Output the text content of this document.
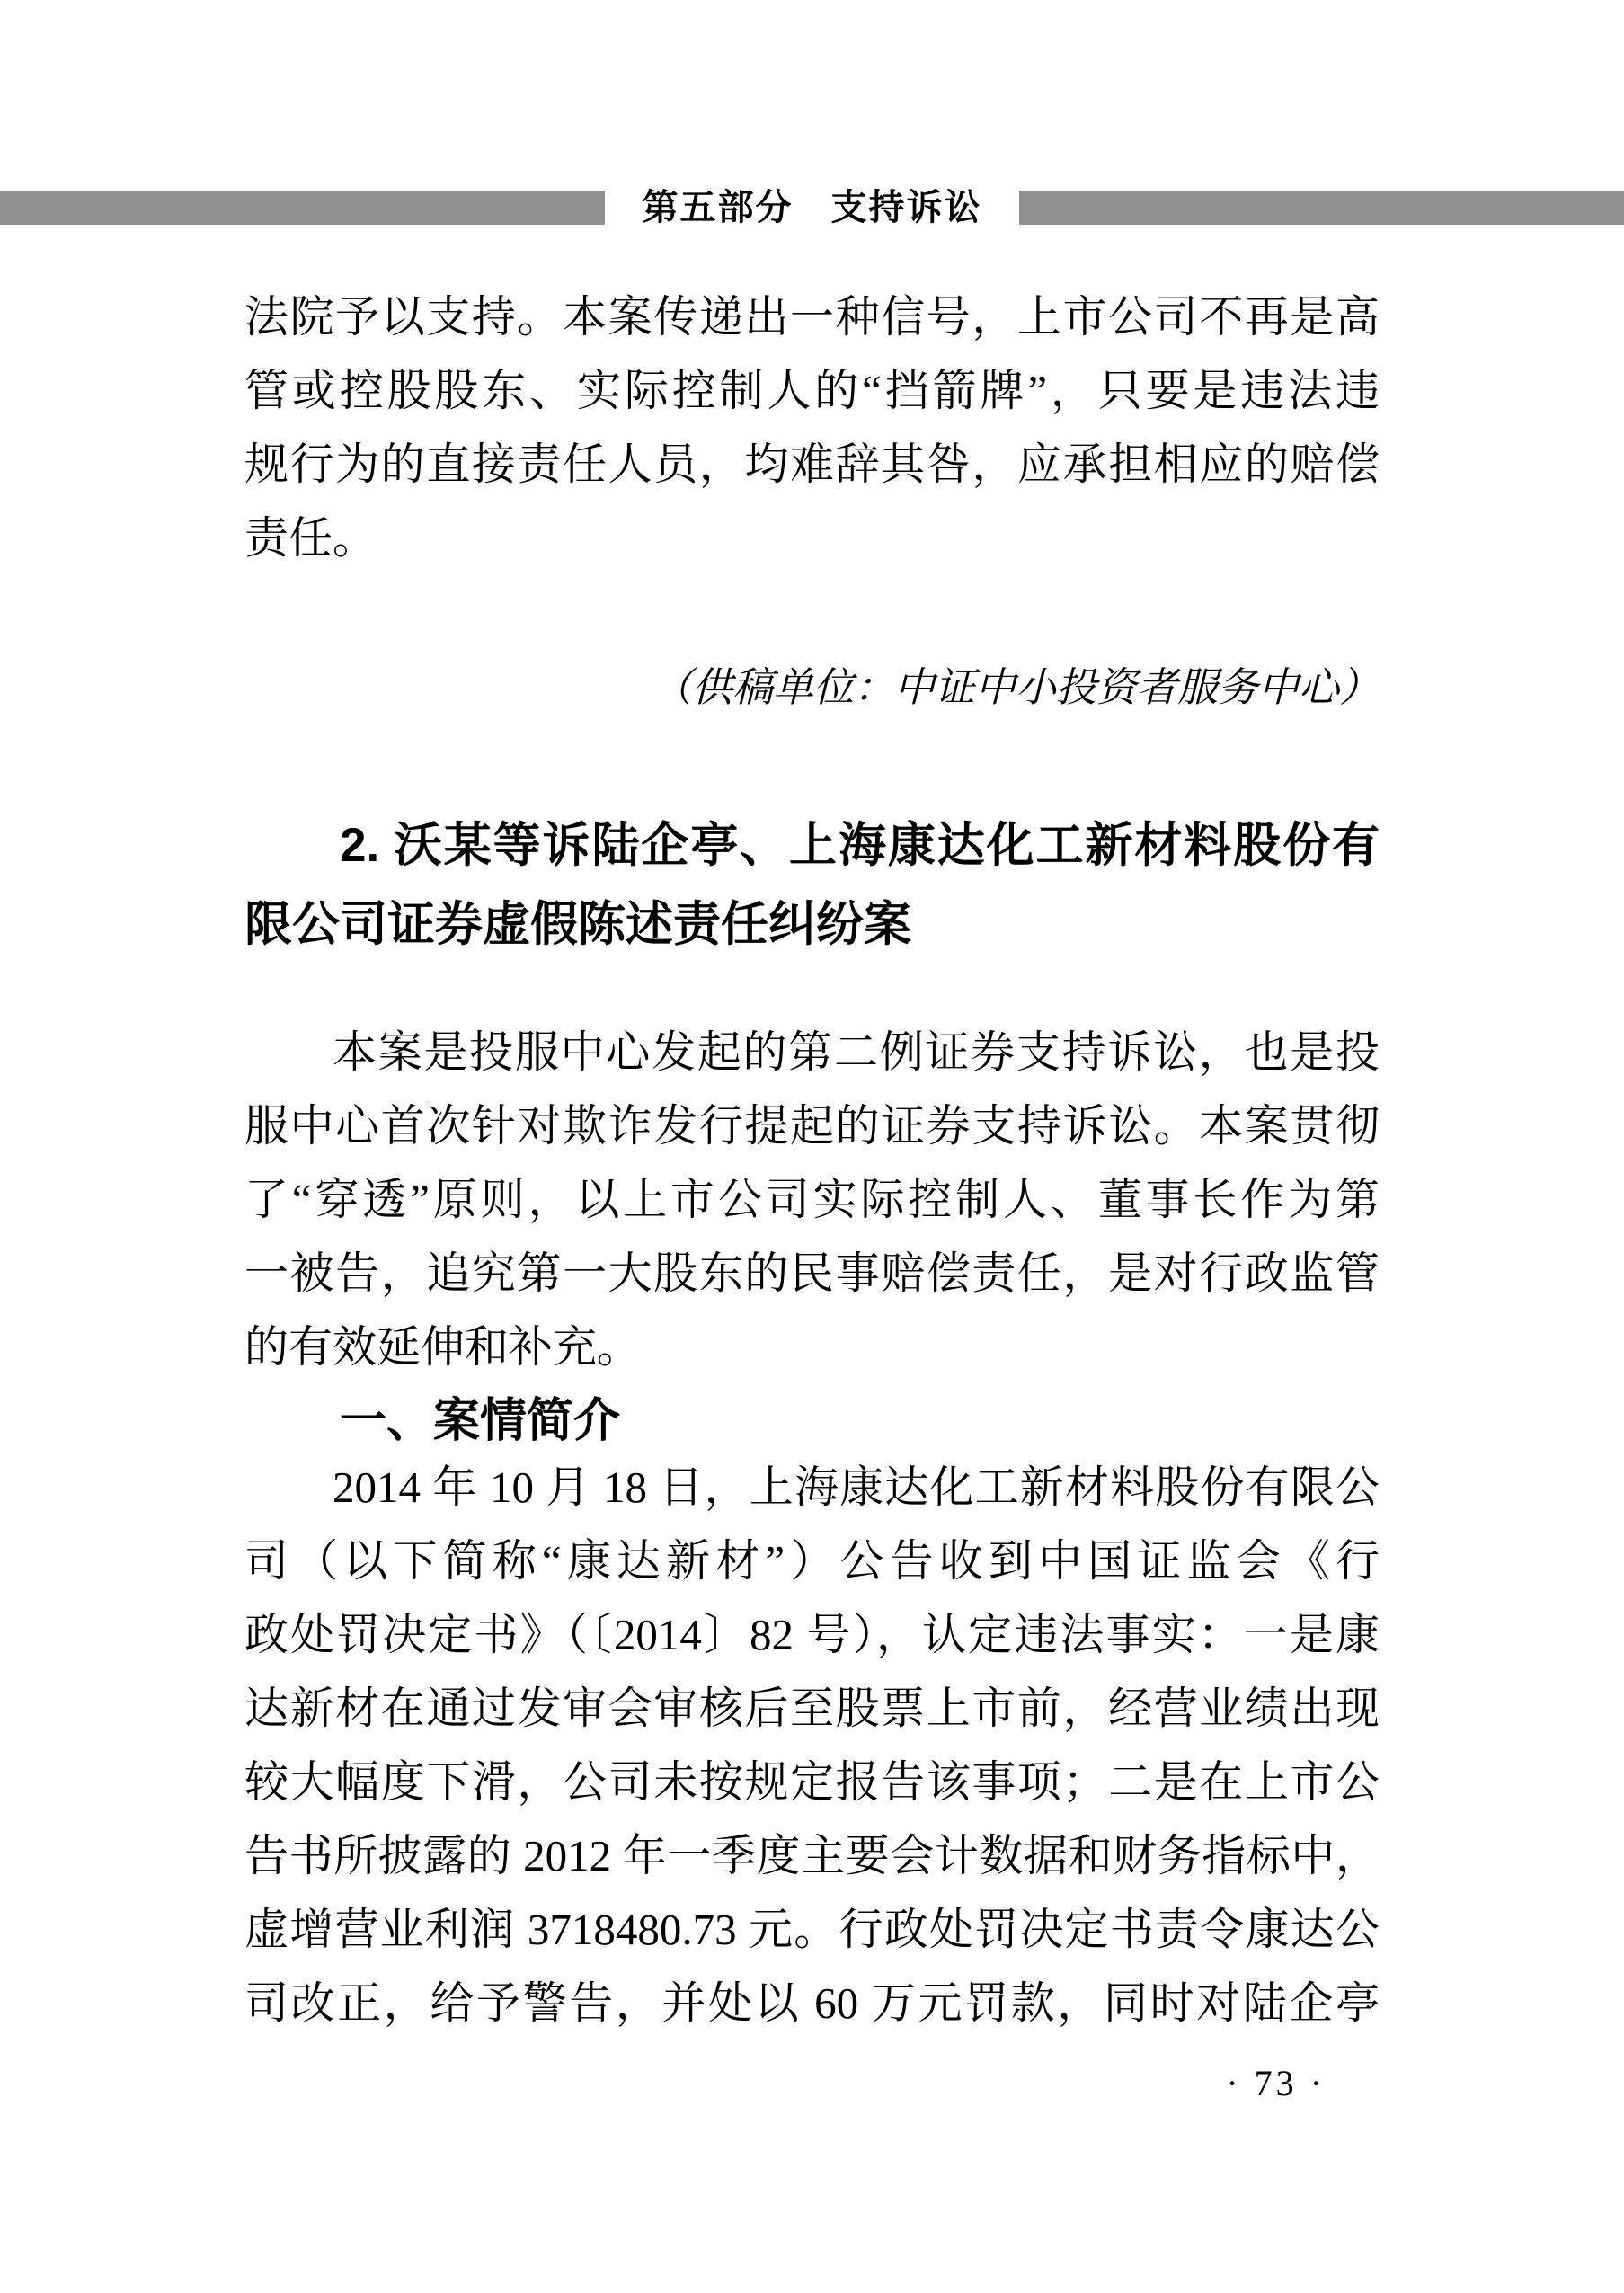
第五部分　支持诉讼
法院予以支持。本案传递出一种信号，上市公司不再是高
管或控股股东、实际控制人的“挡箭牌”，只要是违法违
规行为的直接责任人员，均难辞其咎，应承担相应的赔偿
责任。
（供稿单位：中证中小投资者服务中心）
2. 沃某等诉陆企亭、上海康达化工新材料股份有
限公司证券虚假陈述责任纠纷案
本案是投服中心发起的第二例证券支持诉讼，也是投
服中心首次针对欺诈发行提起的证券支持诉讼。本案贯彻
了“穿透”原则，以上市公司实际控制人、董事长作为第
一被告，追究第一大股东的民事赔偿责任，是对行政监管
的有效延伸和补充。
一、案情简介
2014 年 10 月 18 日，上海康达化工新材料股份有限公
司（以下简称“康达新材”）公告收到中国证监会《行
政处罚决定书》（〔2014〕82 号），认定违法事实：一是康
达新材在通过发审会审核后至股票上市前，经营业绩出现
较大幅度下滑，公司未按规定报告该事项；二是在上市公
告书所披露的 2012 年一季度主要会计数据和财务指标中，
虚增营业利润 3718480.73 元。行政处罚决定书责令康达公
司改正，给予警告，并处以 60 万元罚款，同时对陆企亭
· 73 ·
